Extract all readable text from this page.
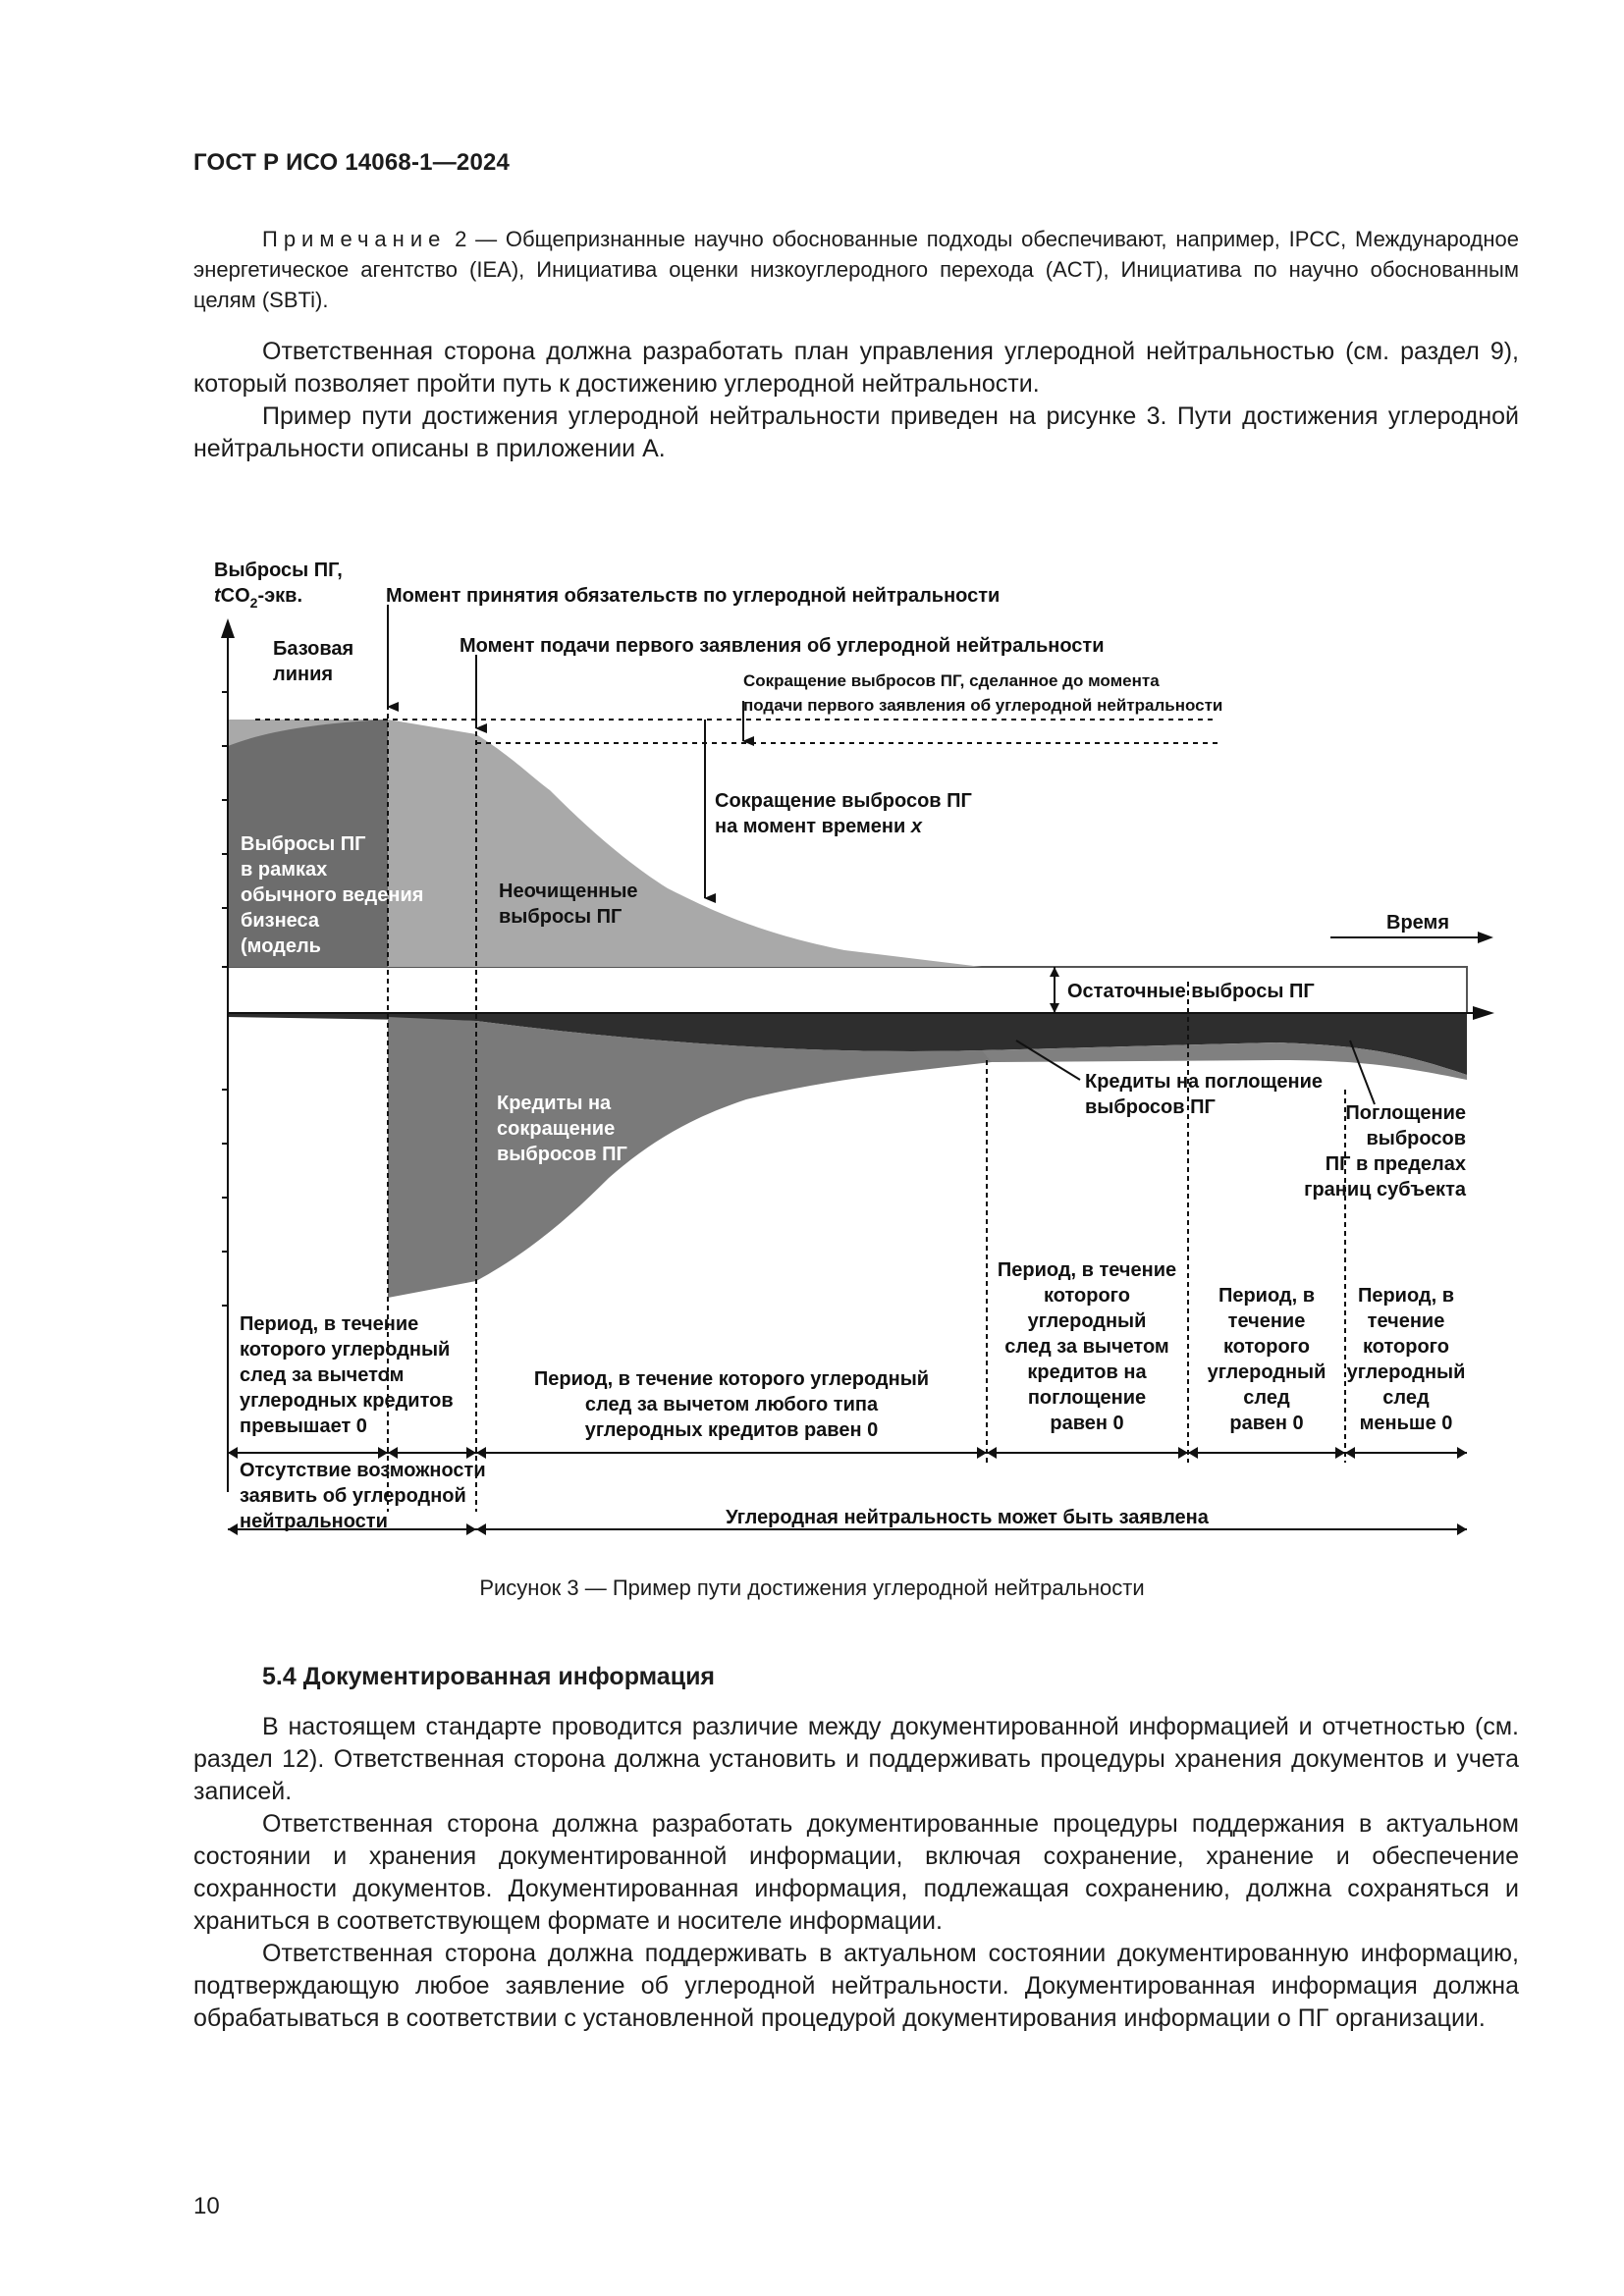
ГОСТ Р ИСО 14068-1—2024
Примечание 2 — Общепризнанные научно обоснованные подходы обеспечивают, например, IPCC, Международное энергетическое агентство (IEA), Инициатива оценки низкоуглеродного перехода (ACT), Инициатива по научно обоснованным целям (SBTi).
Ответственная сторона должна разработать план управления углеродной нейтральностью (см. раздел 9), который позволяет пройти путь к достижению углеродной нейтральности.
Пример пути достижения углеродной нейтральности приведен на рисунке 3. Пути достижения углеродной нейтральности описаны в приложении А.
Выбросы ПГ,
tCO$_2$-экв.	Момент принятия обязательств по углеродной нейтральности
Момент подачи первого заявления об углеродной нейтральности
Базовая
линия	Сокращение выбросов ПГ, сделанное до момента
подачи первого заявления об углеродной нейтральности
Сокращение выбросов ПГ
на момент времени x
Выбросы ПГ
в рамках
обычного ведения
бизнеса
(модель
Неочищенные
выбросы ПГ	Время
Остаточные выбросы ПГ
Кредиты на поглощение
выбросов ПГ	Поглощение
выбросов
ПГ в пределах
границ субъекта
Кредиты на
сокращение
выбросов ПГ
Период, в течение
которого углеродный
след за вычетом
углеродных кредитов
превышает 0
Период, в течение которого углеродный
след за вычетом любого типа
углеродных кредитов равен 0
Период, в течение
которого
углеродный
след за вычетом
кредитов на
поглощение
равен 0
Период, в
течение
которого
углеродный
след
равен 0
Период, в
течение
которого
углеродный
след
меньше 0
Отсутствие возможности
заявить об углеродной
нейтральности	Углеродная нейтральность может быть заявлена
Рисунок 3 — Пример пути достижения углеродной нейтральности
5.4 Документированная информация
В настоящем стандарте проводится различие между документированной информацией и отчетностью (см. раздел 12). Ответственная сторона должна установить и поддерживать процедуры хранения документов и учета записей.
Ответственная сторона должна разработать документированные процедуры поддержания в актуальном состоянии и хранения документированной информации, включая сохранение, хранение и обеспечение сохранности документов. Документированная информация, подлежащая сохранению, должна сохраняться и храниться в соответствующем формате и носителе информации.
Ответственная сторона должна поддерживать в актуальном состоянии документированную информацию, подтверждающую любое заявление об углеродной нейтральности. Документированная информация должна обрабатываться в соответствии с установленной процедурой документирования информации о ПГ организации.
10
